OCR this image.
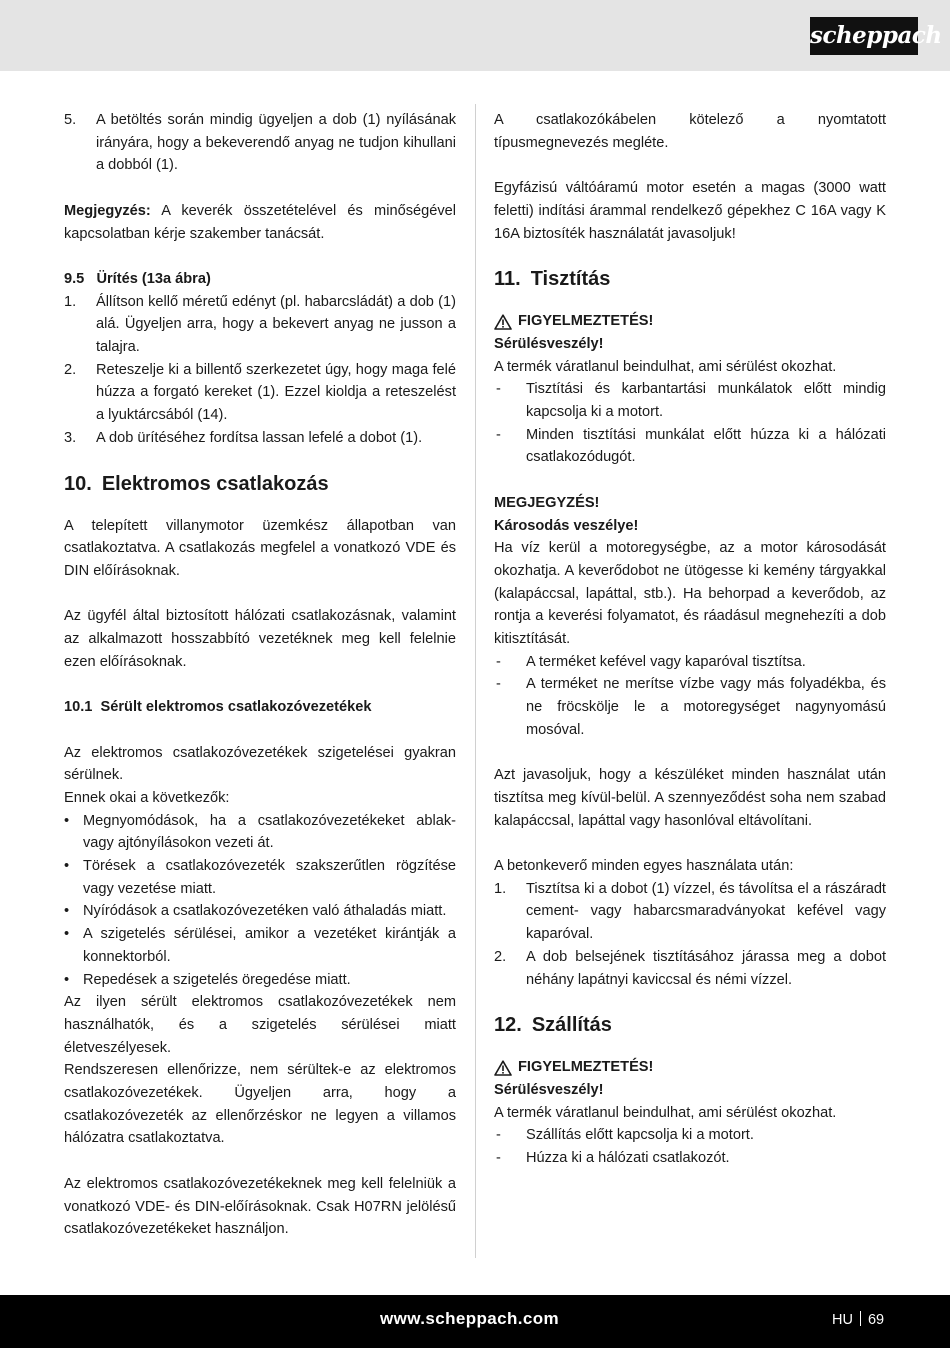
scheppach
5. A betöltés során mindig ügyeljen a dob (1) nyílásának irányára, hogy a bekeverendő anyag ne tudjon kihullani a dobból (1).

Megjegyzés: A keverék összetételével és minőségével kapcsolatban kérje szakember tanácsát.

9.5   Ürítés (13a ábra)
1. Állítson kellő méretű edényt (pl. habarcsládát) a dob (1) alá. Ügyeljen arra, hogy a bekevert anyag ne jusson a talajra.
2. Reteszelje ki a billentő szerkezetet úgy, hogy maga felé húzza a forgató kereket (1). Ezzel kioldja a reteszelést a lyuktárcsából (14).
3. A dob ürítéséhez fordítsa lassan lefelé a dobot (1).
10. Elektromos csatlakozás

A telepített villanymotor üzemkész állapotban van csatlakoztatva. A csatlakozás megfelel a vonatkozó VDE és DIN előírásoknak.

Az ügyfél által biztosított hálózati csatlakozásnak, valamint az alkalmazott hosszabbító vezetéknek meg kell felelnie ezen előírásoknak.

10.1  Sérült elektromos csatlakozóvezetékek

Az elektromos csatlakozóvezetékek szigetelései gyakran sérülnek.

Ennek okai a következők:

• Megnyomódások, ha a csatlakozóvezetékeket ablak- vagy ajtónyílásokon vezeti át.
• Törések a csatlakozóvezeték szakszerűtlen rögzítése vagy vezetése miatt.
• Nyíródások a csatlakozóvezetéken való áthaladás miatt.
• A szigetelés sérülései, amikor a vezetéket kirántják a konnektorból.
• Repedések a szigetelés öregedése miatt.

Az ilyen sérült elektromos csatlakozóvezetékek nem használhatók, és a szigetelés sérülései miatt életveszélyesek.

Rendszeresen ellenőrizze, nem sérültek-e az elektromos csatlakozóvezetékek. Ügyeljen arra, hogy a csatlakozóvezeték az ellenőrzéskor ne legyen a villamos hálózatra csatlakoztatva.

Az elektromos csatlakozóvezetékeknek meg kell felelniük a vonatkozó VDE- és DIN-előírásoknak. Csak H07RN jelölésű csatlakozóvezetékeket használjon.

A csatlakozókábelen kötelező a nyomtatott típusmegnevezés megléte.

Egyfázisú váltóáramú motor esetén a magas (3000 watt feletti) indítási árammal rendelkező gépekhez C 16A vagy K 16A biztosíték használatát javasoljuk!

11. Tisztítás
FIGYELMEZTETÉS!
Sérülésveszély!

A termék váratlanul beindulhat, ami sérülést okozhat.

- Tisztítási és karbantartási munkálatok előtt mindig kapcsolja ki a motort.
- Minden tisztítási munkálat előtt húzza ki a hálózati csatlakozódugót.
MEGJEGYZÉS!
Károsodás veszélye!

Ha víz kerül a motoregységbe, az a motor károsodását okozhatja. A keverődobot ne ütögesse ki kemény tárgyakkal (kalapáccsal, lapáttal, stb.). Ha behorpad a keverődob, az rontja a keverési folyamatot, és ráadásul megnehezíti a dob kitisztítását.

- A terméket kefével vagy kaparóval tisztítsa.
- A terméket ne merítse vízbe vagy más folyadékba, és ne fröcskölje le a motoregységet nagynyomású mosóval.

Azt javasoljuk, hogy a készüléket minden használat után tisztítsa meg kívül-belül. A szennyeződést soha nem szabad kalapáccsal, lapáttal vagy hasonlóval eltávolítani.

A betonkeverő minden egyes használata után:

1. Tisztítsa ki a dobot (1) vízzel, és távolítsa el a rászáradt cement- vagy habarcsmaradványokat kefével vagy kaparóval.
2. A dob belsejének tisztításához járassa meg a dobot néhány lapátnyi kaviccsal és némi vízzel.
12. Szállítás
FIGYELMEZTETÉS!
Sérülésveszély!

A termék váratlanul beindulhat, ami sérülést okozhat.

- Szállítás előtt kapcsolja ki a motort.
- Húzza ki a hálózati csatlakozót.
www.scheppach.com	HU 69
